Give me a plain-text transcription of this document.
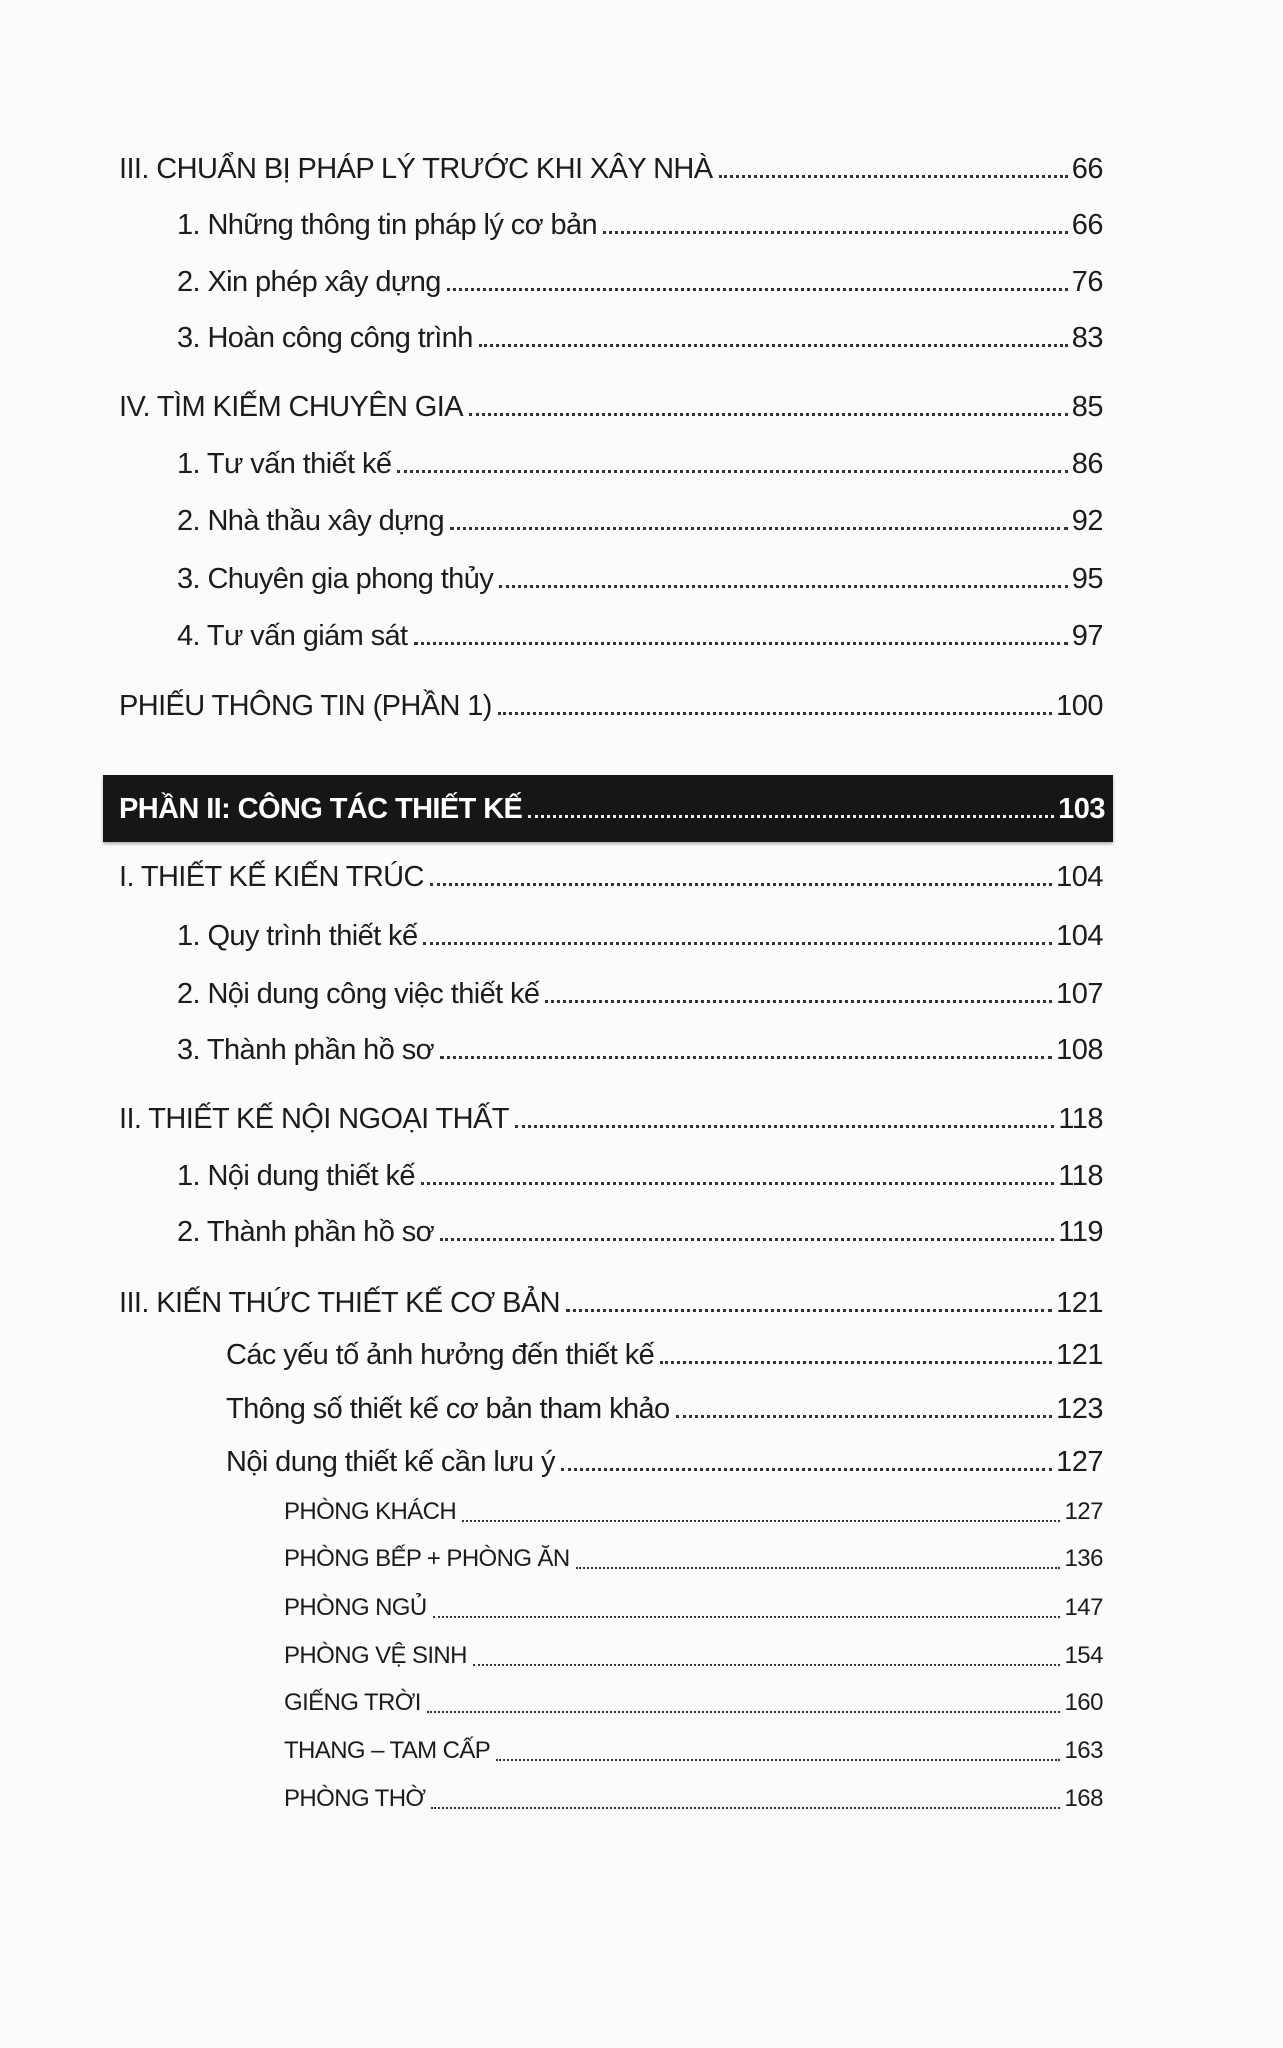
PHẦN II: CÔNG TÁC THIẾT KẾ	103
III. CHUẨN BỊ PHÁP LÝ TRƯỚC KHI XÂY NHÀ	66
1. Những thông tin pháp lý cơ bản	66
2. Xin phép xây dựng	76
3. Hoàn công công trình	83
IV. TÌM KIẾM CHUYÊN GIA	85
1. Tư vấn thiết kế	86
2. Nhà thầu xây dựng	92
3. Chuyên gia phong thủy	95
4. Tư vấn giám sát	97
PHIẾU THÔNG TIN (PHẦN 1)	100
I. THIẾT KẾ KIẾN TRÚC	104
1. Quy trình thiết kế	104
2. Nội dung công việc thiết kế	107
3. Thành phần hồ sơ	108
II. THIẾT KẾ NỘI NGOẠI THẤT	118
1. Nội dung thiết kế	118
2. Thành phần hồ sơ	119
III. KIẾN THỨC THIẾT KẾ CƠ BẢN	121
Các yếu tố ảnh hưởng đến thiết kế	121
Thông số thiết kế cơ bản tham khảo	123
Nội dung thiết kế cần lưu ý	127
PHÒNG KHÁCH	127
PHÒNG BẾP + PHÒNG ĂN	136
PHÒNG NGỦ	147
PHÒNG VỆ SINH	154
GIẾNG TRỜI	160
THANG – TAM CẤP	163
PHÒNG THỜ	168
